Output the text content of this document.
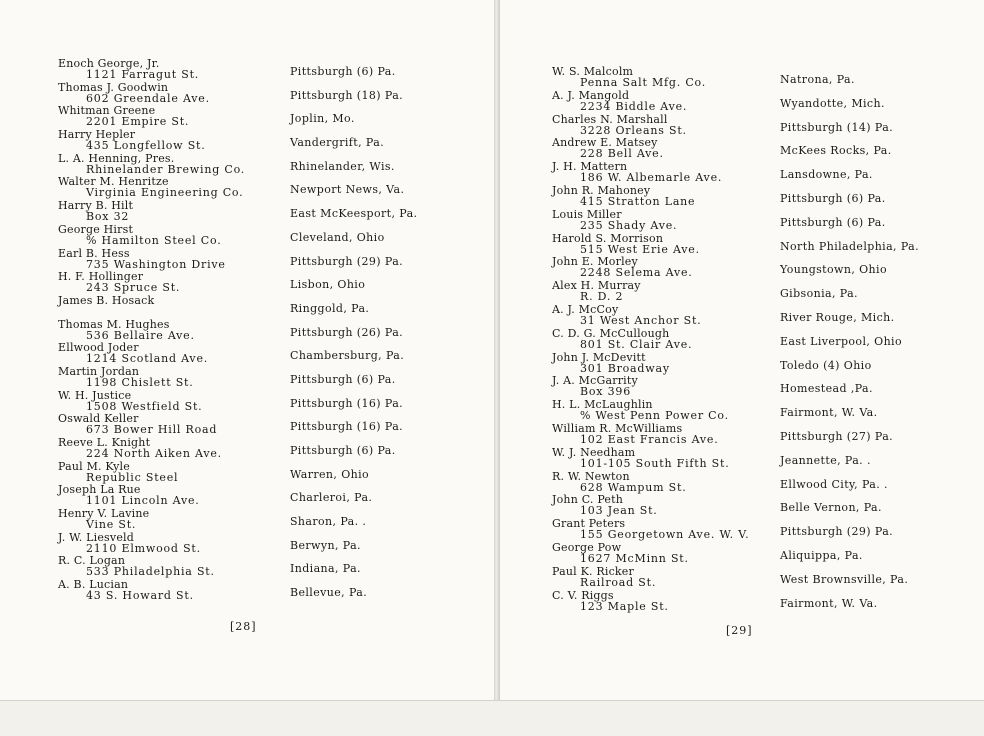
Enoch George, Jr.
1121 Farragut St.	Pittsburgh (6) Pa.
Thomas J. Goodwin
602 Greendale Ave.	Pittsburgh (18) Pa.
Whitman Greene
2201 Empire St.	Joplin, Mo.
Harry Hepler
435 Longfellow St.	Vandergrift, Pa.
L. A. Henning, Pres.
Rhinelander Brewing Co.	Rhinelander, Wis.
Walter M. Henritze
Virginia Engineering Co.	Newport News, Va.
Harry B. Hilt
Box 32	East McKeesport, Pa.
George Hirst
% Hamilton Steel Co.	Cleveland, Ohio
Earl B. Hess
735 Washington Drive	Pittsburgh (29) Pa.
H. F. Hollinger
243 Spruce St.	Lisbon, Ohio
James B. Hosack
Ringgold, Pa.
Thomas M. Hughes
536 Bellaire Ave.	Pittsburgh (26) Pa.
Ellwood Joder
1214 Scotland Ave.	Chambersburg, Pa.
Martin Jordan
1198 Chislett St.	Pittsburgh (6) Pa.
W. H. Justice
1508 Westfield St.	Pittsburgh (16) Pa.
Oswald Keller
673 Bower Hill Road	Pittsburgh (16) Pa.
Reeve L. Knight
224 North Aiken Ave.	Pittsburgh (6) Pa.
Paul M. Kyle
Republic Steel	Warren, Ohio
Joseph La Rue
1101 Lincoln Ave.	Charleroi, Pa.
Henry V. Lavine
Vine St.	Sharon, Pa. .
J. W. Liesveld
2110 Elmwood St.	Berwyn, Pa.
R. C. Logan
533 Philadelphia St.	Indiana, Pa.
A. B. Lucian
43 S. Howard St.	Bellevue, Pa.
[28]
W. S. Malcolm
Penna Salt Mfg. Co.	Natrona, Pa.
A. J. Mangold
2234 Biddle Ave.	Wyandotte, Mich.
Charles N. Marshall
3228 Orleans St.	Pittsburgh (14) Pa.
Andrew E. Matsey
228 Bell Ave.	McKees Rocks, Pa.
J. H. Mattern
186 W. Albemarle Ave.	Lansdowne, Pa.
John R. Mahoney
415 Stratton Lane	Pittsburgh (6) Pa.
Louis Miller
235 Shady Ave.	Pittsburgh (6) Pa.
Harold S. Morrison
515 West Erie Ave.	North Philadelphia, Pa.
John E. Morley
2248 Selema Ave.	Youngstown, Ohio
Alex H. Murray
R. D. 2	Gibsonia, Pa.
A. J. McCoy
31 West Anchor St.	River Rouge, Mich.
C. D. G. McCullough
801 St. Clair Ave.	East Liverpool, Ohio
John J. McDevitt
301 Broadway	Toledo (4) Ohio
J. A. McGarrity
Box 396	Homestead ,Pa.
H. L. McLaughlin
% West Penn Power Co.	Fairmont, W. Va.
William R. McWilliams
102 East Francis Ave.	Pittsburgh (27) Pa.
W. J. Needham
101-105 South Fifth St.	Jeannette, Pa. .
R. W. Newton
628 Wampum St.	Ellwood City, Pa. .
John C. Peth
103 Jean St.	Belle Vernon, Pa.
Grant Peters
155 Georgetown Ave. W. V.	Pittsburgh (29) Pa.
George Pow
1627 McMinn St.	Aliquippa, Pa.
Paul K. Ricker
Railroad St.	West Brownsville, Pa.
C. V. Riggs
123 Maple St.	Fairmont, W. Va.
[29]
